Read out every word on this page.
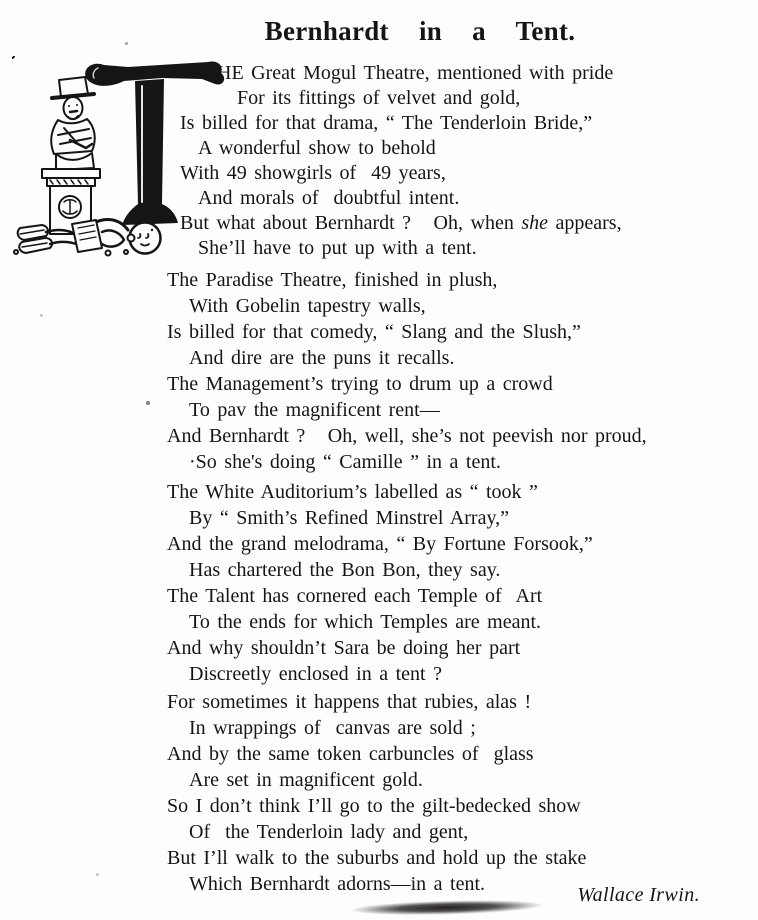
Bernhardt  in  a  Tent.

HE Great Mogul Theatre, mentioned with pride

For its fittings of velvet and gold,

Is billed for that drama, “ The Tenderloin Bride,”

A wonderful show to behold

With 49 showgirls of  49 years,

And morals of  doubtful intent.

But what about Bernhardt ?   Oh, when she appears,

She’ll have to put up with a tent.

The Paradise Theatre, finished in plush,

With Gobelin tapestry walls,

Is billed for that comedy, “ Slang and the Slush,”

And dire are the puns it recalls.

The Management’s trying to drum up a crowd

To pav the magnificent rent—

And Bernhardt ?   Oh, well, she’s not peevish nor proud,

·So she's doing “ Camille ” in a tent.

The White Auditorium’s labelled as “ took ”

By “ Smith’s Refined Minstrel Array,”

And the grand melodrama, “ By Fortune Forsook,”

Has chartered the Bon Bon, they say.

The Talent has cornered each Temple of  Art

To the ends for which Temples are meant.

And why shouldn’t Sara be doing her part

Discreetly enclosed in a tent ?

For sometimes it happens that rubies, alas !

In wrappings of  canvas are sold ;

And by the same token carbuncles of  glass

Are set in magnificent gold.

So I don’t think I’ll go to the gilt-bedecked show

Of  the Tenderloin lady and gent,

But I’ll walk to the suburbs and hold up the stake

Which Bernhardt adorns—in a tent.	Wallace Irwin.
